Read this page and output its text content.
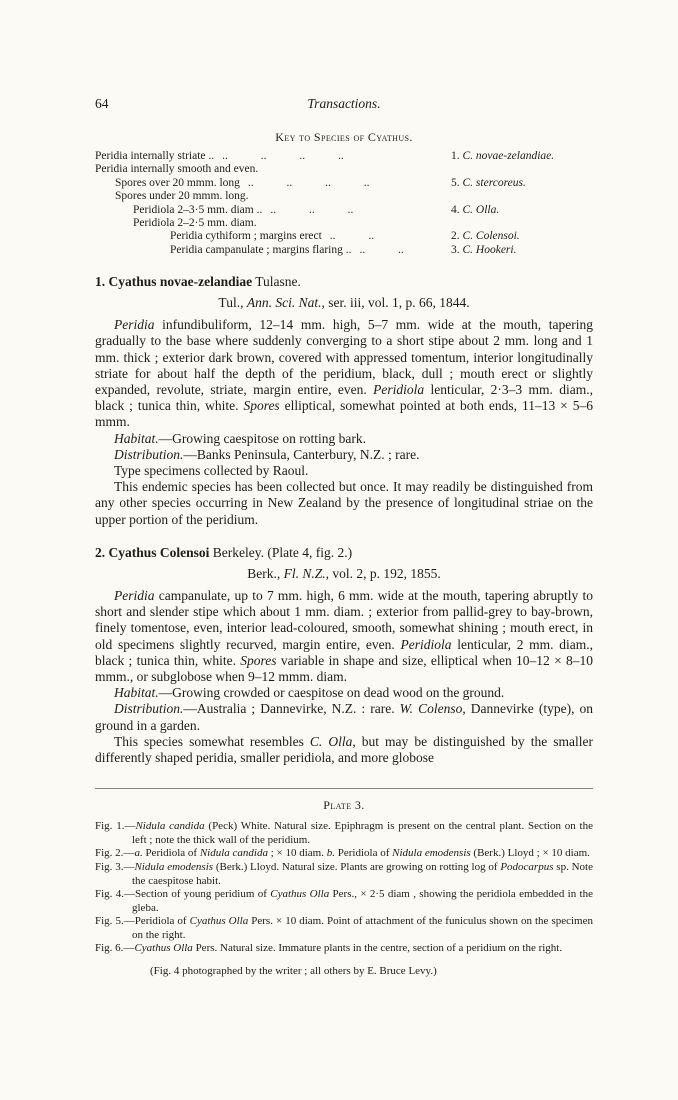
64	Transactions.
Key to Species of Cyathus.
Peridia internally striate .. .. .. .. ..	1. C. novae-zelandiae.
Peridia internally smooth and even.
Spores over 20 mmm. long .. .. .. ..	5. C. stercoreus.
Spores under 20 mmm. long.
Peridiola 2–3·5 mm. diam .. .. .. ..	4. C. Olla.
Peridiola 2–2·5 mm. diam.
Peridia cythiform ; margins erect .. ..	2. C. Colensoi.
Peridia campanulate ; margins flaring .. .. ..	3. C. Hookeri.
1. Cyathus novae-zelandiae Tulasne.
Tul., Ann. Sci. Nat., ser. iii, vol. 1, p. 66, 1844.

Peridia infundibuliform, 12–14 mm. high, 5–7 mm. wide at the mouth, tapering gradually to the base where suddenly converging to a short stipe about 2 mm. long and 1 mm. thick ; exterior dark brown, covered with appressed tomentum, interior longitudinally striate for about half the depth of the peridium, black, dull ; mouth erect or slightly expanded, revolute, striate, margin entire, even. Peridiola lenticular, 2·3–3 mm. diam., black ; tunica thin, white. Spores elliptical, somewhat pointed at both ends, 11–13 × 5–6 mmm.

Habitat.—Growing caespitose on rotting bark.

Distribution.—Banks Peninsula, Canterbury, N.Z. ; rare.

Type specimens collected by Raoul.

This endemic species has been collected but once. It may readily be distinguished from any other species occurring in New Zealand by the presence of longitudinal striae on the upper portion of the peridium.

2. Cyathus Colensoi Berkeley. (Plate 4, fig. 2.)
Berk., Fl. N.Z., vol. 2, p. 192, 1855.

Peridia campanulate, up to 7 mm. high, 6 mm. wide at the mouth, tapering abruptly to short and slender stipe which about 1 mm. diam. ; exterior from pallid-grey to bay-brown, finely tomentose, even, interior lead-coloured, smooth, somewhat shining ; mouth erect, in old specimens slightly recurved, margin entire, even. Peridiola lenticular, 2 mm. diam., black ; tunica thin, white. Spores variable in shape and size, elliptical when 10–12 × 8–10 mmm., or subglobose when 9–12 mmm. diam.

Habitat.—Growing crowded or caespitose on dead wood on the ground.

Distribution.—Australia ; Dannevirke, N.Z. : rare. W. Colenso, Dannevirke (type), on ground in a garden.

This species somewhat resembles C. Olla, but may be distinguished by the smaller differently shaped peridia, smaller peridiola, and more globose

Plate 3.

Fig. 1.—Nidula candida (Peck) White. Natural size. Epiphragm is present on the central plant. Section on the left ; note the thick wall of the peridium.

Fig. 2.—a. Peridiola of Nidula candida ; × 10 diam. b. Peridiola of Nidula emodensis (Berk.) Lloyd ; × 10 diam.

Fig. 3.—Nidula emodensis (Berk.) Lloyd. Natural size. Plants are growing on rotting log of Podocarpus sp. Note the caespitose habit.

Fig. 4.—Section of young peridium of Cyathus Olla Pers., × 2·5 diam , showing the peridiola embedded in the gleba.

Fig. 5.—Peridiola of Cyathus Olla Pers. × 10 diam. Point of attachment of the funiculus shown on the specimen on the right.

Fig. 6.—Cyathus Olla Pers. Natural size. Immature plants in the centre, section of a peridium on the right.

(Fig. 4 photographed by the writer ; all others by E. Bruce Levy.)
